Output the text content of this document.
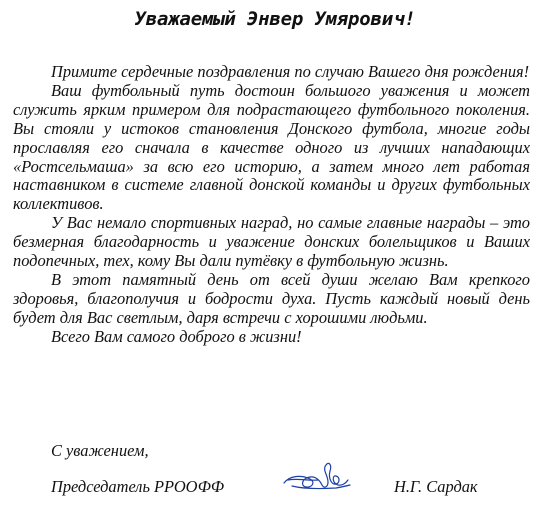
Уважаемый Энвер Умярович!

Примите сердечные поздравления по случаю Вашего дня рождения!

Ваш футбольный путь достоин большого уважения и может служить ярким примером для подрастающего футбольного поколения. Вы стояли у истоков становления Донского футбола, многие годы прославляя его сначала в качестве одного из лучших нападающих «Ростсельмаша» за всю его историю, а затем много лет работая наставником в системе главной донской команды и других футбольных коллективов.

У Вас немало спортивных наград, но самые главные награды – это безмерная благодарность и уважение донских болельщиков и Ваших подопечных, тех, кому Вы дали путёвку в футбольную жизнь.

В этот памятный день от всей души желаю Вам крепкого здоровья, благополучия и бодрости духа. Пусть каждый новый день будет для Вас светлым, даря встречи с хорошими людьми.

Всего Вам самого доброго в жизни!

С уважением,
Председатель РРООФФ	Н.Г. Сардак
